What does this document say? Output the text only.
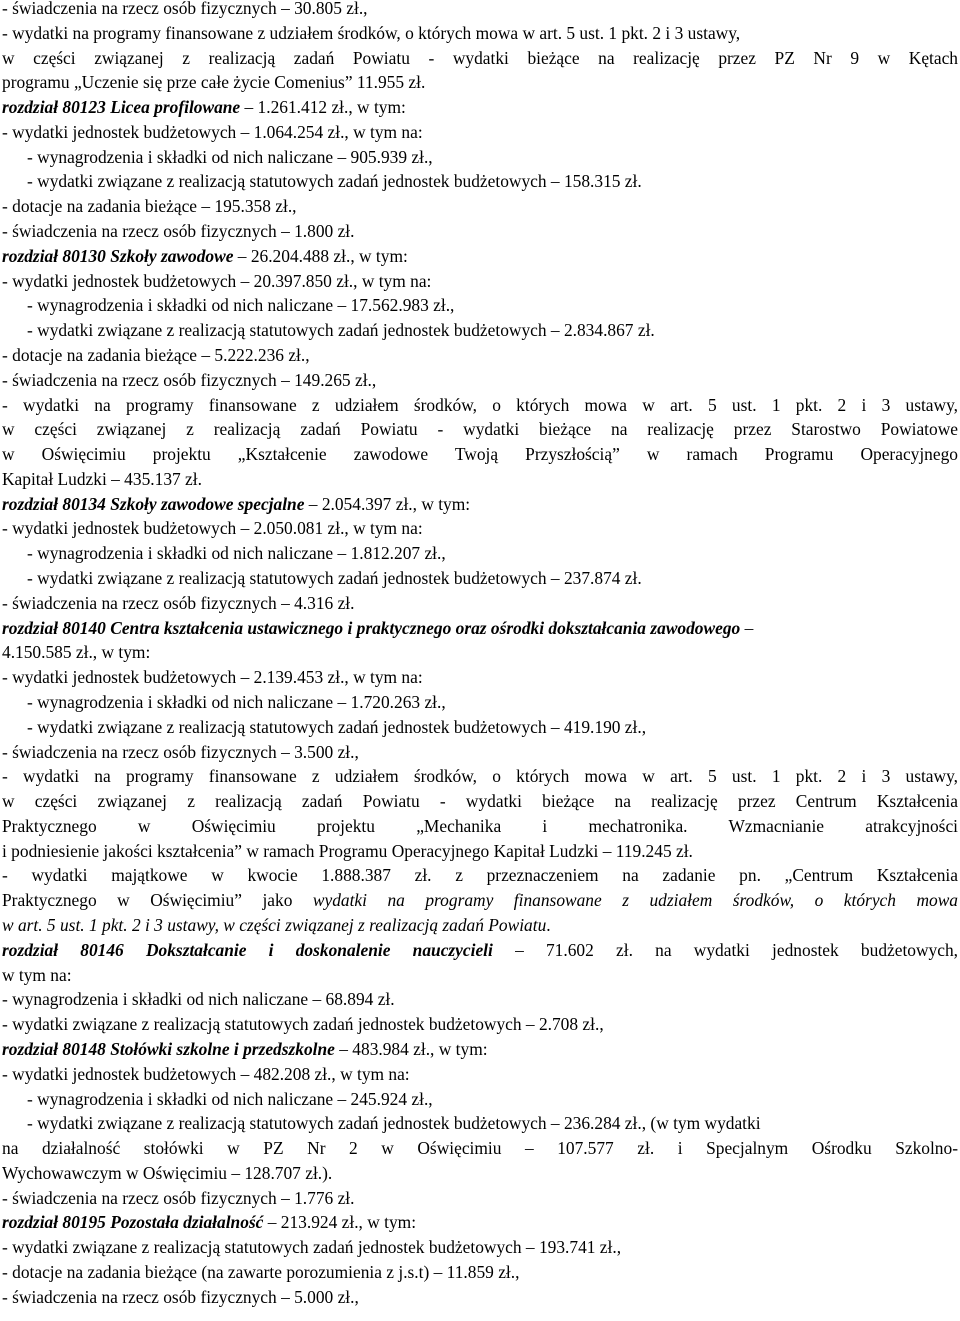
- świadczenia na rzecz osób fizycznych – 30.805 zł.,
- wydatki na programy finansowane z udziałem środków, o których mowa w art. 5 ust. 1 pkt. 2 i 3 ustawy,
w części związanej z realizacją zadań Powiatu - wydatki bieżące na realizację przez PZ Nr 9 w Kętach
programu „Uczenie się prze całe życie Comenius” 11.955 zł.
rozdział 80123 Licea profilowane – 1.261.412 zł., w tym:
- wydatki jednostek budżetowych – 1.064.254 zł., w tym na:
- wynagrodzenia i składki od nich naliczane – 905.939 zł.,
- wydatki związane z realizacją statutowych zadań jednostek budżetowych – 158.315 zł.
- dotacje na zadania bieżące – 195.358 zł.,
- świadczenia na rzecz osób fizycznych – 1.800 zł.
rozdział 80130 Szkoły zawodowe – 26.204.488 zł., w tym:
- wydatki jednostek budżetowych – 20.397.850 zł., w tym na:
- wynagrodzenia i składki od nich naliczane – 17.562.983 zł.,
- wydatki związane z realizacją statutowych zadań jednostek budżetowych – 2.834.867 zł.
- dotacje na zadania bieżące – 5.222.236 zł.,
- świadczenia na rzecz osób fizycznych – 149.265 zł.,
- wydatki na programy finansowane z udziałem środków, o których mowa w art. 5 ust. 1 pkt. 2 i 3 ustawy,
w części związanej z realizacją zadań Powiatu - wydatki bieżące na realizację przez Starostwo Powiatowe
w Oświęcimiu projektu „Kształcenie zawodowe Twoją Przyszłością” w ramach Programu Operacyjnego
Kapitał Ludzki – 435.137 zł.
rozdział 80134 Szkoły zawodowe specjalne – 2.054.397 zł., w tym:
- wydatki jednostek budżetowych – 2.050.081 zł., w tym na:
- wynagrodzenia i składki od nich naliczane – 1.812.207 zł.,
- wydatki związane z realizacją statutowych zadań jednostek budżetowych – 237.874 zł.
- świadczenia na rzecz osób fizycznych – 4.316 zł.
rozdział 80140 Centra kształcenia ustawicznego i praktycznego oraz ośrodki dokształcania zawodowego –
4.150.585 zł., w tym:
- wydatki jednostek budżetowych – 2.139.453 zł., w tym na:
- wynagrodzenia i składki od nich naliczane – 1.720.263 zł.,
- wydatki związane z realizacją statutowych zadań jednostek budżetowych – 419.190 zł.,
- świadczenia na rzecz osób fizycznych – 3.500 zł.,
- wydatki na programy finansowane z udziałem środków, o których mowa w art. 5 ust. 1 pkt. 2 i 3 ustawy,
w części związanej z realizacją zadań Powiatu - wydatki bieżące na realizację przez Centrum Kształcenia
Praktycznego w Oświęcimiu projektu „Mechanika i mechatronika. Wzmacnianie atrakcyjności
i podniesienie jakości kształcenia” w ramach Programu Operacyjnego Kapitał Ludzki – 119.245 zł.
- wydatki majątkowe w kwocie 1.888.387 zł. z przeznaczeniem na zadanie pn. „Centrum Kształcenia
Praktycznego w Oświęcimiu” jako wydatki na programy finansowane z udziałem środków, o których mowa
w art. 5 ust. 1 pkt. 2 i 3 ustawy, w części związanej z realizacją zadań Powiatu.
rozdział 80146 Dokształcanie i doskonalenie nauczycieli – 71.602 zł. na wydatki jednostek budżetowych,
w tym na:
- wynagrodzenia i składki od nich naliczane – 68.894 zł.
- wydatki związane z realizacją statutowych zadań jednostek budżetowych – 2.708 zł.,
rozdział 80148 Stołówki szkolne i przedszkolne – 483.984 zł., w tym:
- wydatki jednostek budżetowych – 482.208 zł., w tym na:
- wynagrodzenia i składki od nich naliczane – 245.924 zł.,
- wydatki związane z realizacją statutowych zadań jednostek budżetowych – 236.284 zł., (w tym wydatki
na działalność stołówki w PZ Nr 2 w Oświęcimiu – 107.577 zł. i Specjalnym Ośrodku Szkolno-
Wychowawczym w Oświęcimiu – 128.707 zł.).
- świadczenia na rzecz osób fizycznych – 1.776 zł.
rozdział 80195 Pozostała działalność – 213.924 zł., w tym:
- wydatki związane z realizacją statutowych zadań jednostek budżetowych – 193.741 zł.,
- dotacje na zadania bieżące (na zawarte porozumienia z j.s.t) – 11.859 zł.,
- świadczenia na rzecz osób fizycznych – 5.000 zł.,
